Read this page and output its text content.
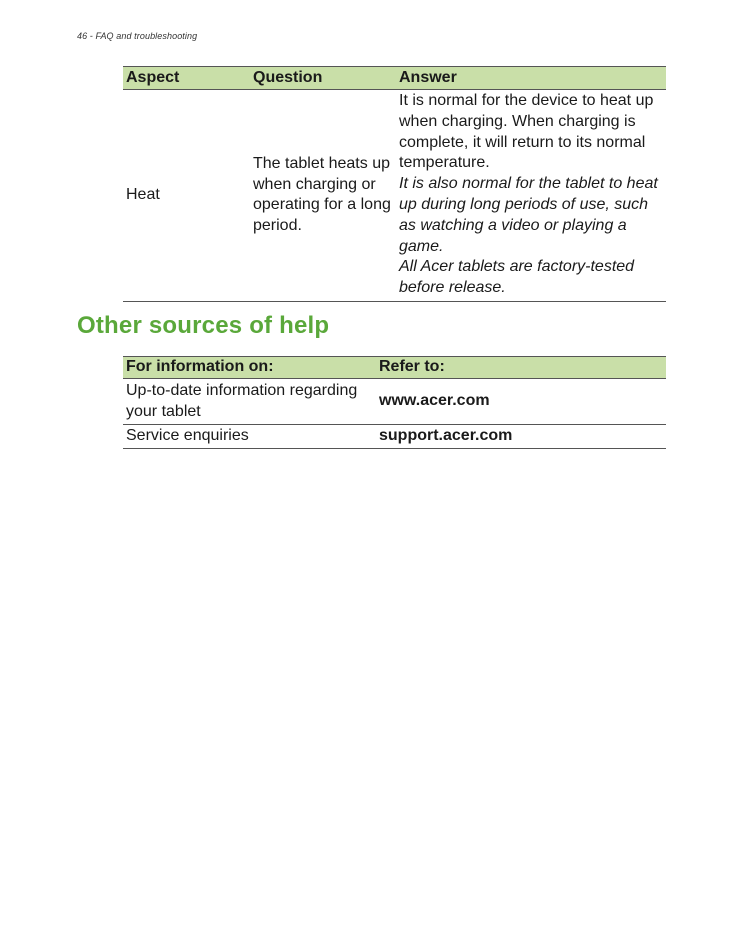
46 - FAQ and troubleshooting
Aspect	Question	Answer
Heat	The tablet heats up when charging or operating for a long period.	It is normal for the device to heat up when charging. When charging is complete, it will return to its normal temperature.

It is also normal for the tablet to heat up during long periods of use, such as watching a video or playing a game.

All Acer tablets are factory-tested before release.

Other sources of help
For information on:	Refer to:
Up-to-date information regarding your tablet	www.acer.com
Service enquiries	support.acer.com
